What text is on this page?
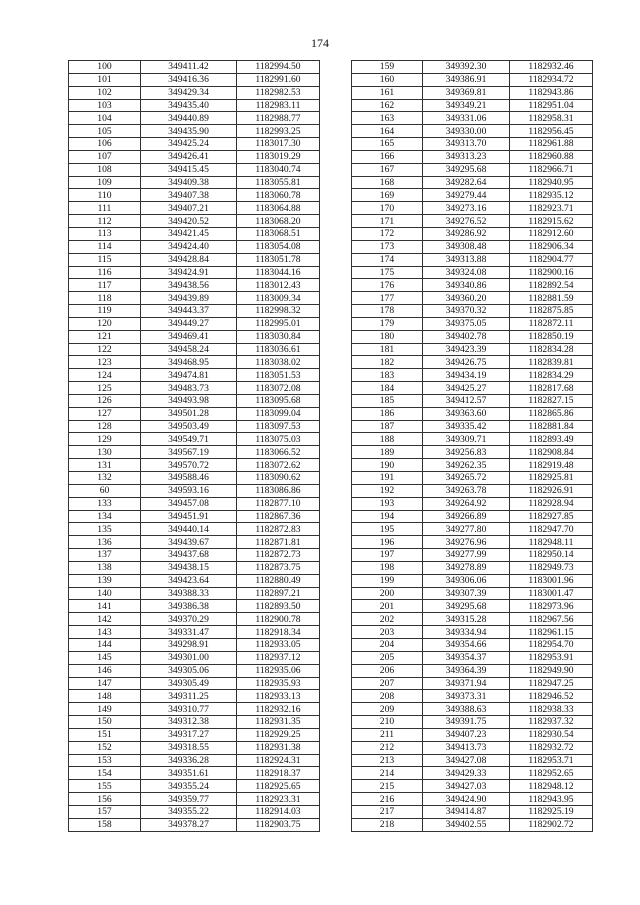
174
100	349411.42	1182994.50
101	349416.36	1182991.60
102	349429.34	1182982.53
103	349435.40	1182983.11
104	349440.89	1182988.77
105	349435.90	1182993.25
106	349425.24	1183017.30
107	349426.41	1183019.29
108	349415.45	1183040.74
109	349409.38	1183055.81
110	349407.38	1183060.78
111	349407.21	1183064.88
112	349420.52	1183068.20
113	349421.45	1183068.51
114	349424.40	1183054.08
115	349428.84	1183051.78
116	349424.91	1183044.16
117	349438.56	1183012.43
118	349439.89	1183009.34
119	349443.37	1182998.32
120	349449.27	1182995.01
121	349469.41	1183030.84
122	349458.24	1183036.61
123	349468.95	1183038.02
124	349474.81	1183051.53
125	349483.73	1183072.08
126	349493.98	1183095.68
127	349501.28	1183099.04
128	349503.49	1183097.53
129	349549.71	1183075.03
130	349567.19	1183066.52
131	349570.72	1183072.62
132	349588.46	1183090.62
60	349593.16	1183086.86
133	349457.08	1182877.10
134	349451.91	1182867.36
135	349440.14	1182872.83
136	349439.67	1182871.81
137	349437.68	1182872.73
138	349438.15	1182873.75
139	349423.64	1182880.49
140	349388.33	1182897.21
141	349386.38	1182893.50
142	349370.29	1182900.78
143	349331.47	1182918.34
144	349298.91	1182933.05
145	349301.00	1182937.12
146	349305.06	1182935.06
147	349305.49	1182935.93
148	349311.25	1182933.13
149	349310.77	1182932.16
150	349312.38	1182931.35
151	349317.27	1182929.25
152	349318.55	1182931.38
153	349336.28	1182924.31
154	349351.61	1182918.37
155	349355.24	1182925.65
156	349359.77	1182923.31
157	349355.22	1182914.03
158	349378.27	1182903.75
159	349392.30	1182932.46
160	349386.91	1182934.72
161	349369.81	1182943.86
162	349349.21	1182951.04
163	349331.06	1182958.31
164	349330.00	1182956.45
165	349313.70	1182961.88
166	349313.23	1182960.88
167	349295.68	1182966.71
168	349282.64	1182940.95
169	349279.44	1182935.12
170	349273.16	1182923.71
171	349276.52	1182915.62
172	349286.92	1182912.60
173	349308.48	1182906.34
174	349313.88	1182904.77
175	349324.08	1182900.16
176	349340.86	1182892.54
177	349360.20	1182881.59
178	349370.32	1182875.85
179	349375.05	1182872.11
180	349402.78	1182850.19
181	349423.39	1182834.28
182	349426.75	1182839.81
183	349434.19	1182834.29
184	349425.27	1182817.68
185	349412.57	1182827.15
186	349363.60	1182865.86
187	349335.42	1182881.84
188	349309.71	1182893.49
189	349256.83	1182908.84
190	349262.35	1182919.48
191	349265.72	1182925.81
192	349263.78	1182926.91
193	349264.92	1182928.94
194	349266.89	1182927.85
195	349277.80	1182947.70
196	349276.96	1182948.11
197	349277.99	1182950.14
198	349278.89	1182949.73
199	349306.06	1183001.96
200	349307.39	1183001.47
201	349295.68	1182973.96
202	349315.28	1182967.56
203	349334.94	1182961.15
204	349354.66	1182954.70
205	349354.37	1182953.91
206	349364.39	1182949.90
207	349371.94	1182947.25
208	349373.31	1182946.52
209	349388.63	1182938.33
210	349391.75	1182937.32
211	349407.23	1182930.54
212	349413.73	1182932.72
213	349427.08	1182953.71
214	349429.33	1182952.65
215	349427.03	1182948.12
216	349424.90	1182943.95
217	349414.87	1182925.19
218	349402.55	1182902.72
